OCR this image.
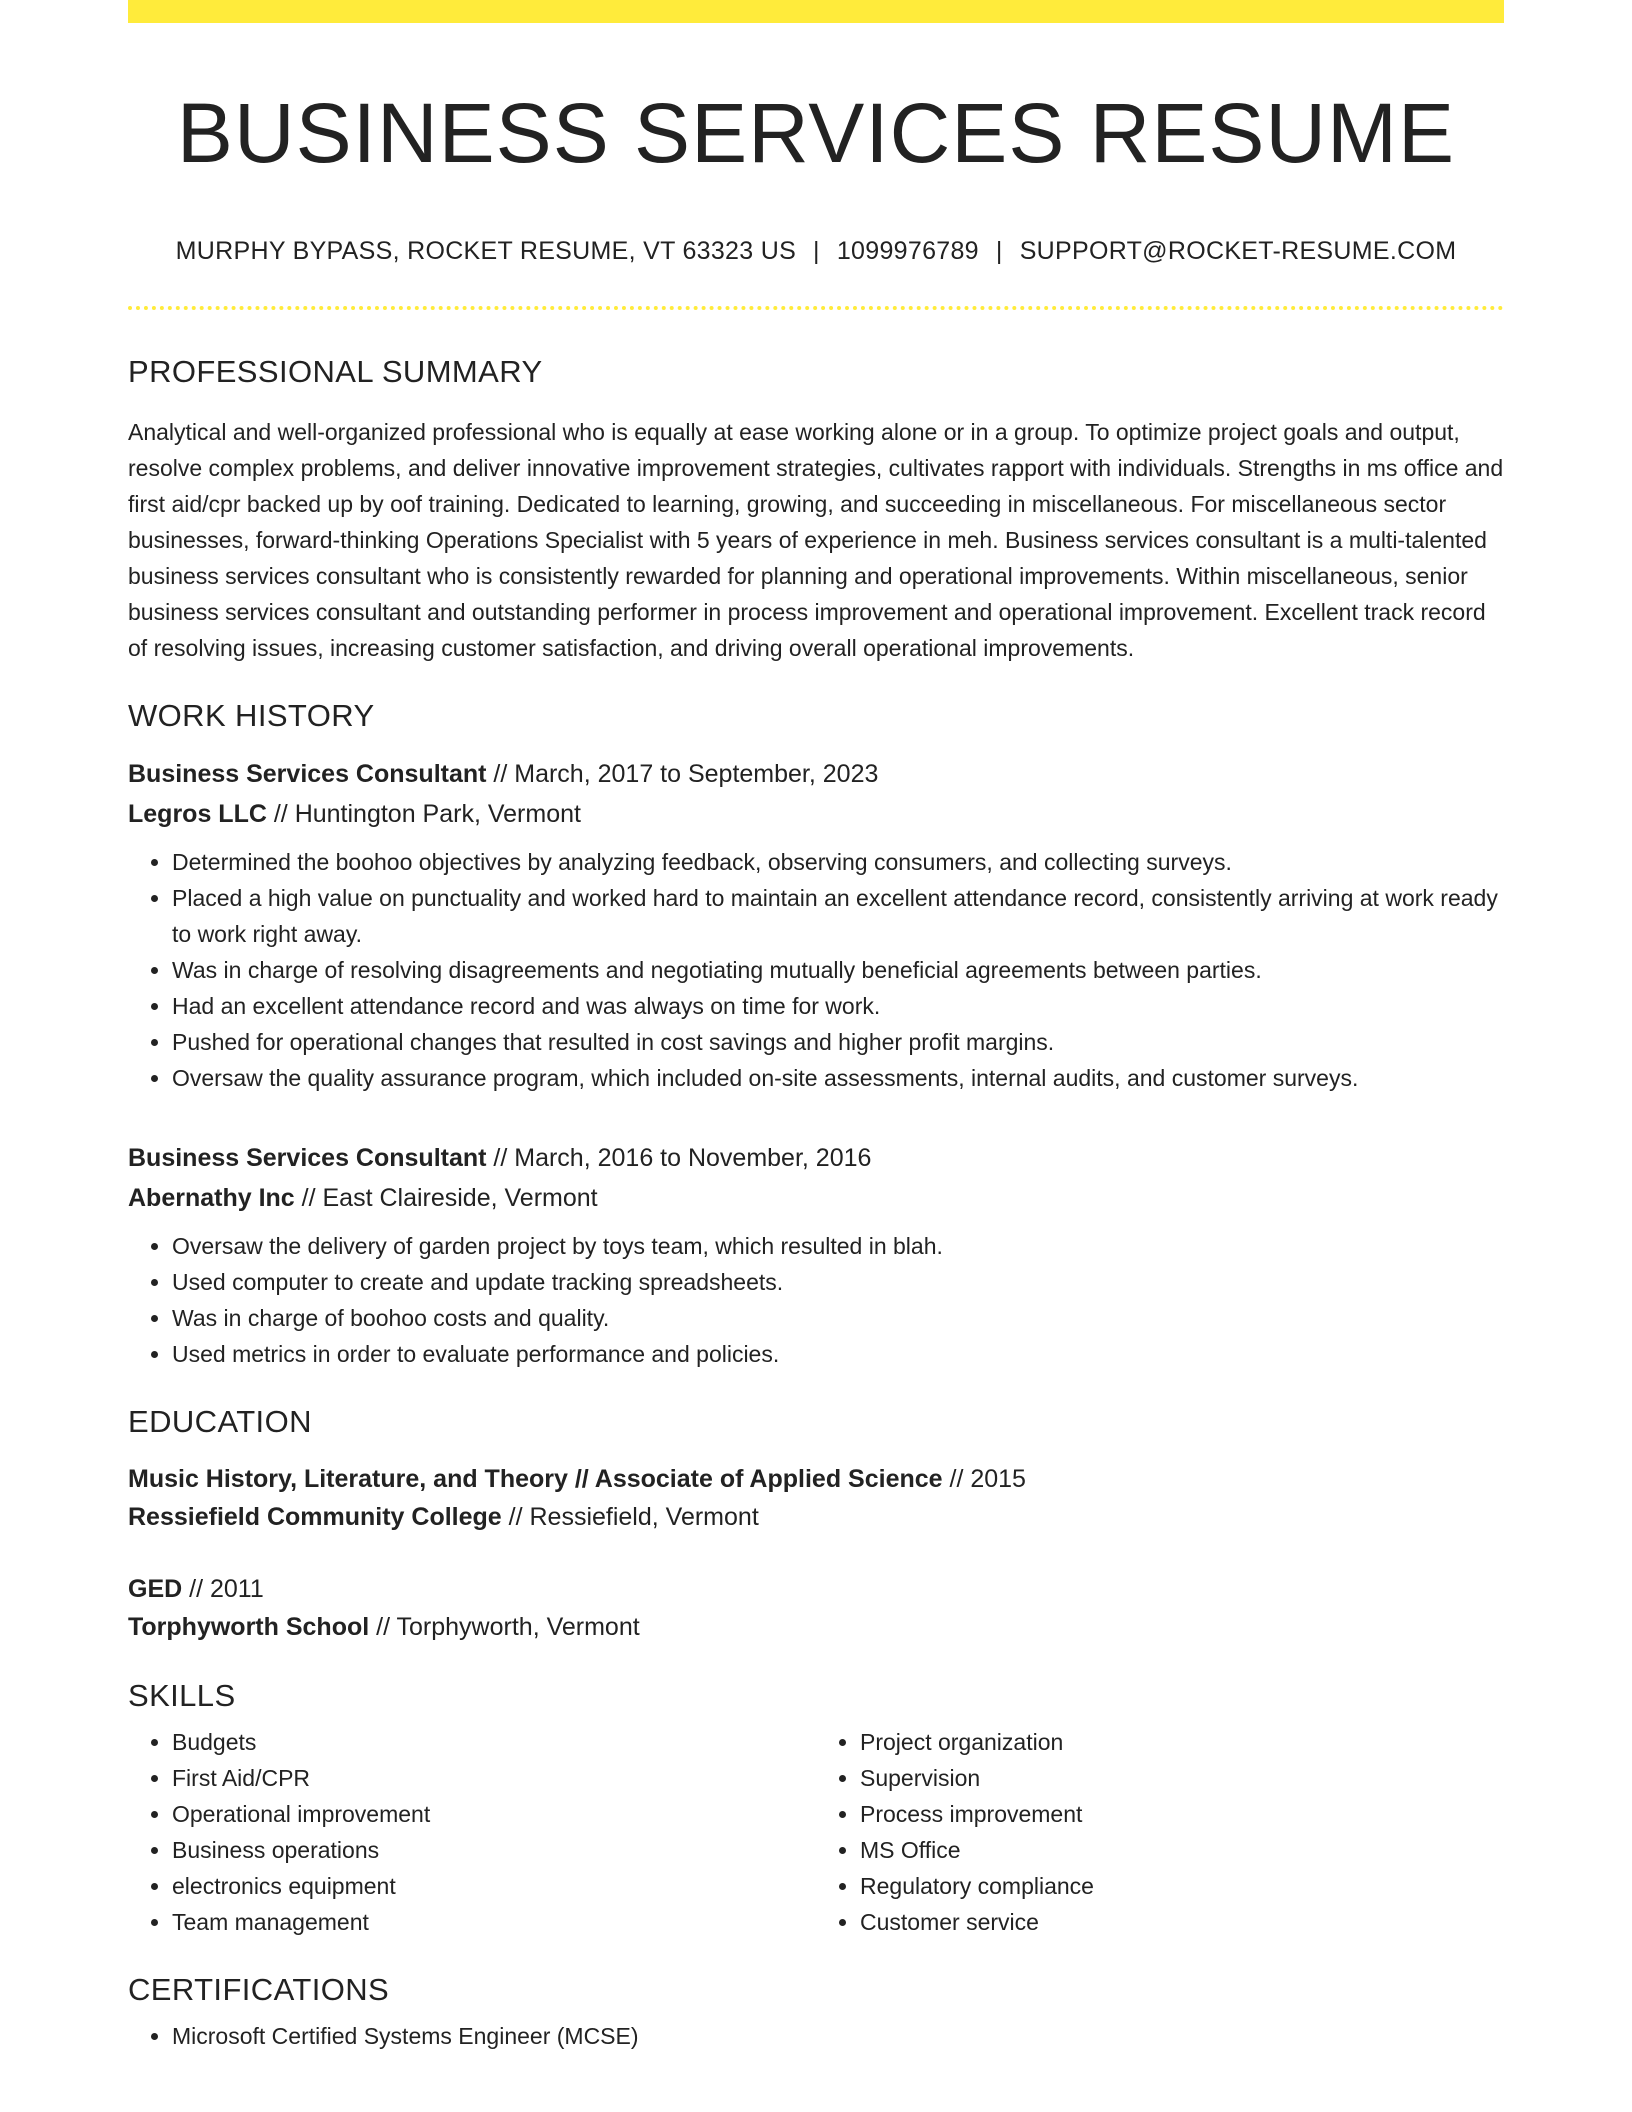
BUSINESS SERVICES RESUME
MURPHY BYPASS, ROCKET RESUME, VT 63323 US | 1099976789 | SUPPORT@ROCKET-RESUME.COM
PROFESSIONAL SUMMARY

Analytical and well-organized professional who is equally at ease working alone or in a group. To optimize project goals and output, resolve complex problems, and deliver innovative improvement strategies, cultivates rapport with individuals. Strengths in ms office and first aid/cpr backed up by oof training. Dedicated to learning, growing, and succeeding in miscellaneous. For miscellaneous sector businesses, forward-thinking Operations Specialist with 5 years of experience in meh. Business services consultant is a multi-talented business services consultant who is consistently rewarded for planning and operational improvements. Within miscellaneous, senior business services consultant and outstanding performer in process improvement and operational improvement. Excellent track record of resolving issues, increasing customer satisfaction, and driving overall operational improvements.

WORK HISTORY
Business Services Consultant // March, 2017 to September, 2023
Legros LLC // Huntington Park, Vermont
• Determined the boohoo objectives by analyzing feedback, observing consumers, and collecting surveys.
• Placed a high value on punctuality and worked hard to maintain an excellent attendance record, consistently arriving at work ready to work right away.
• Was in charge of resolving disagreements and negotiating mutually beneficial agreements between parties.
• Had an excellent attendance record and was always on time for work.
• Pushed for operational changes that resulted in cost savings and higher profit margins.
• Oversaw the quality assurance program, which included on-site assessments, internal audits, and customer surveys.
Business Services Consultant // March, 2016 to November, 2016
Abernathy Inc // East Claireside, Vermont
• Oversaw the delivery of garden project by toys team, which resulted in blah.
• Used computer to create and update tracking spreadsheets.
• Was in charge of boohoo costs and quality.
• Used metrics in order to evaluate performance and policies.
EDUCATION
Music History, Literature, and Theory // Associate of Applied Science // 2015
Ressiefield Community College // Ressiefield, Vermont
GED // 2011
Torphyworth School // Torphyworth, Vermont
SKILLS
• Budgets
• First Aid/CPR
• Operational improvement
• Business operations
• electronics equipment
• Team management
• Project organization
• Supervision
• Process improvement
• MS Office
• Regulatory compliance
• Customer service
CERTIFICATIONS
• Microsoft Certified Systems Engineer (MCSE)
